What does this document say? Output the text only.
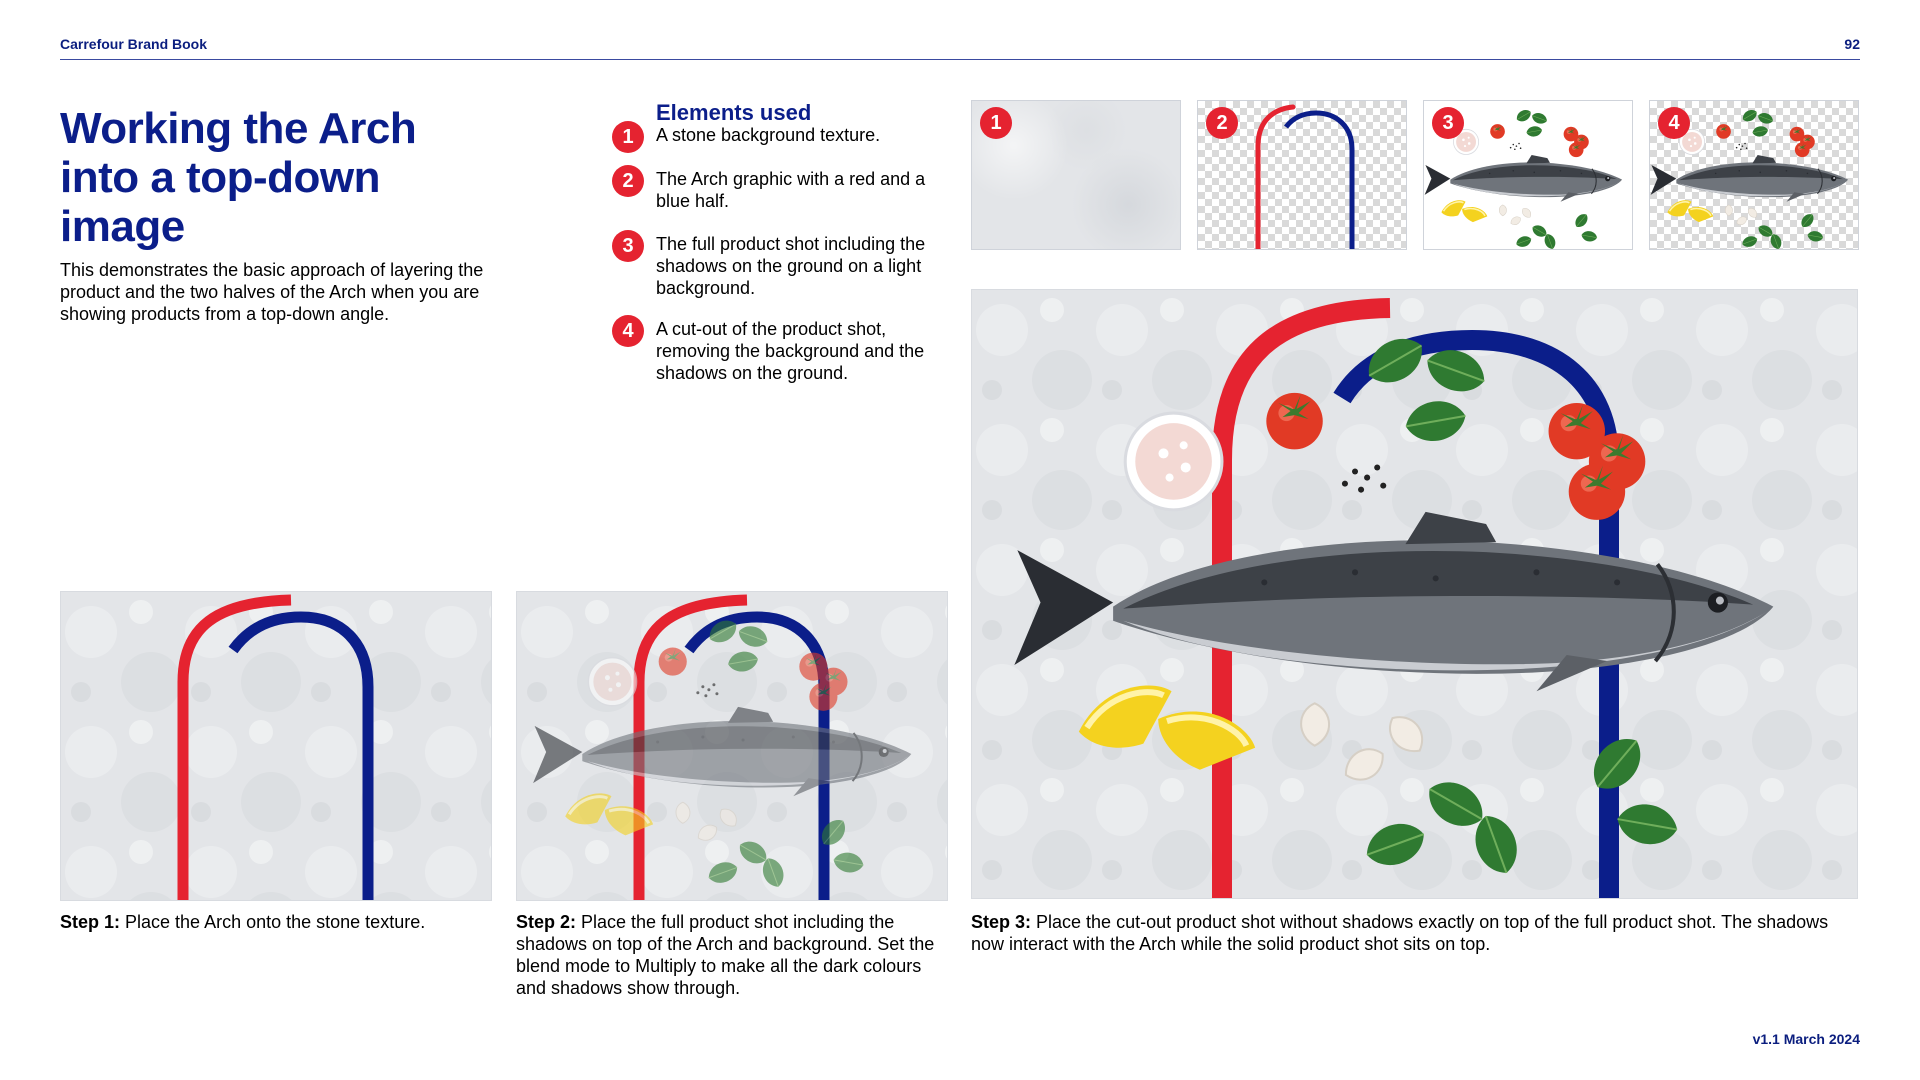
Carrefour Brand Book	92
Working the Arch into a top-down image

This demonstrates the basic approach of layering the product and the two halves of the Arch when you are showing products from a top-down angle.

Elements used
1	A stone background texture.
2	The Arch graphic with a red and a blue half.
3	The full product shot including the shadows on the ground on a light background.
4	A cut-out of the product shot, removing the background and the shadows on the ground.
1	2	3	4

Step 1: Place the Arch onto the stone texture.	Step 2: Place the full product shot including the shadows on top of the Arch and background. Set the blend mode to Multiply to make all the dark colours and shadows show through.

Step 3: Place the cut-out product shot without shadows exactly on top of the full product shot. The shadows now interact with the Arch while the solid product shot sits on top.

v1.1 March 2024
